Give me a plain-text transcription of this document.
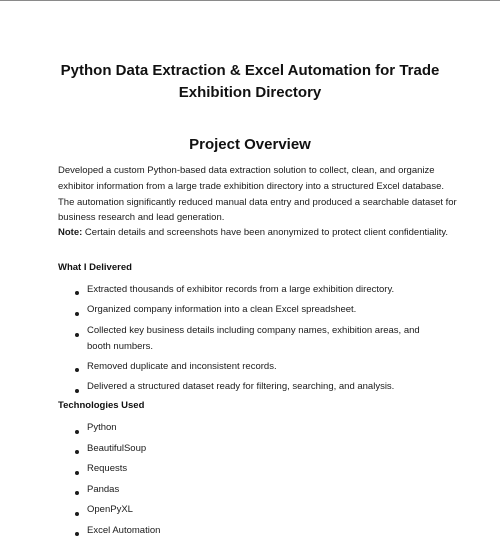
Python Data Extraction & Excel Automation for Trade Exhibition Directory
Project Overview

Developed a custom Python-based data extraction solution to collect, clean, and organize exhibitor information from a large trade exhibition directory into a structured Excel database. The automation significantly reduced manual data entry and produced a searchable dataset for business research and lead generation.

Note: Certain details and screenshots have been anonymized to protect client confidentiality.

What I Delivered
Extracted thousands of exhibitor records from a large exhibition directory.
Organized company information into a clean Excel spreadsheet.
Collected key business details including company names, exhibition areas, and booth numbers.
Removed duplicate and inconsistent records.
Delivered a structured dataset ready for filtering, searching, and analysis.
Technologies Used
Python
BeautifulSoup
Requests
Pandas
OpenPyXL
Excel Automation
